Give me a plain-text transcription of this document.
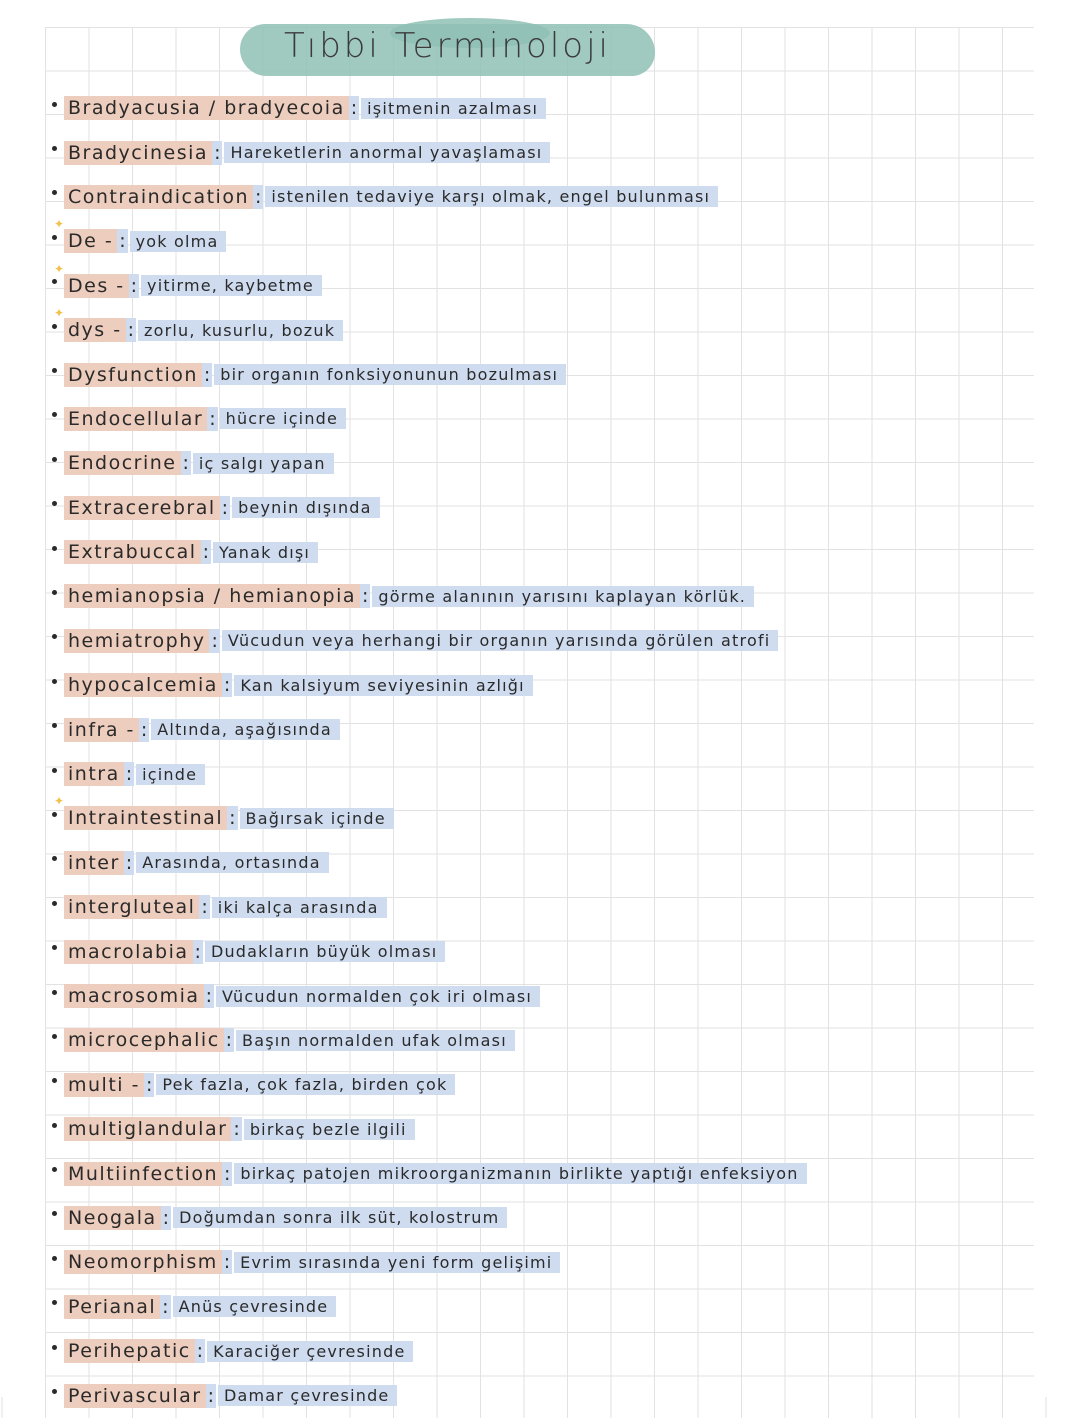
Tıbbi Terminoloji
Bradyacusia / bradyecoia : işitmenin azalması
Bradycinesia : Hareketlerin anormal yavaşlaması
Contraindication : istenilen tedaviye karşı olmak, engel bulunması
✦
De - : yok olma
✦
Des - : yitirme, kaybetme
✦
dys - : zorlu, kusurlu, bozuk
Dysfunction : bir organın fonksiyonunun bozulması
Endocellular : hücre içinde
Endocrine : iç salgı yapan
Extracerebral : beynin dışında
Extrabuccal : Yanak dışı
hemianopsia / hemianopia : görme alanının yarısını kaplayan körlük.
hemiatrophy : Vücudun veya herhangi bir organın yarısında görülen atrofi
hypocalcemia : Kan kalsiyum seviyesinin azlığı
infra - : Altında, aşağısında
intra : içinde
✦
Intraintestinal : Bağırsak içinde
inter : Arasında, ortasında
intergluteal : iki kalça arasında
macrolabia : Dudakların büyük olması
macrosomia : Vücudun normalden çok iri olması
microcephalic : Başın normalden ufak olması
multi - : Pek fazla, çok fazla, birden çok
multiglandular : birkaç bezle ilgili
Multiinfection : birkaç patojen mikroorganizmanın birlikte yaptığı enfeksiyon
Neogala : Doğumdan sonra ilk süt, kolostrum
Neomorphism : Evrim sırasında yeni form gelişimi
Perianal : Anüs çevresinde
Perihepatic : Karaciğer çevresinde
Perivascular : Damar çevresinde
